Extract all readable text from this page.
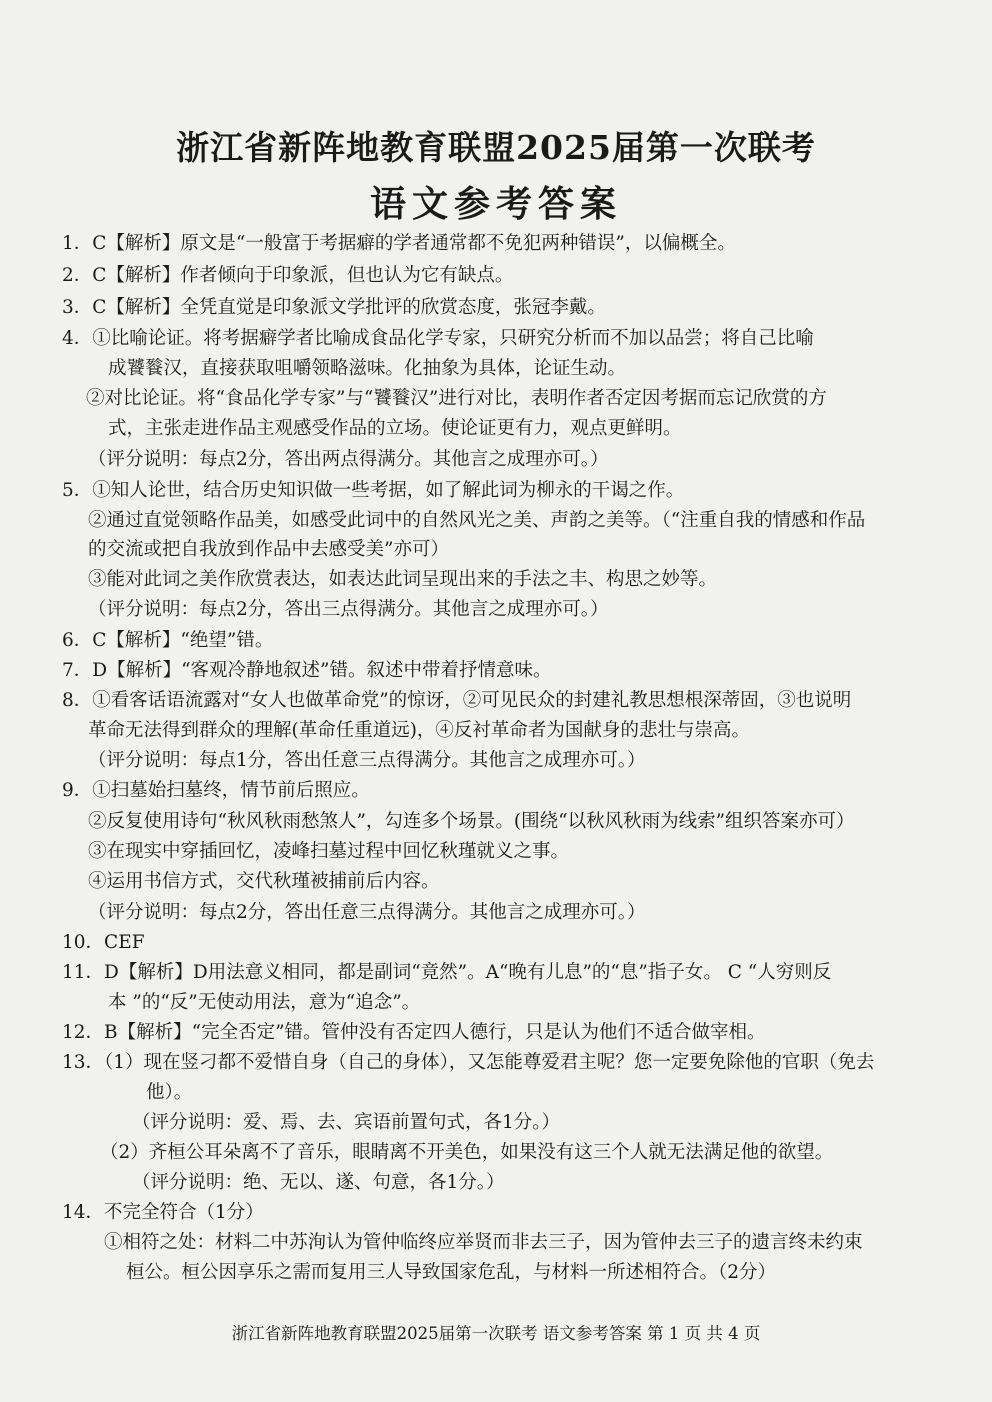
浙江省新阵地教育联盟2025届第一次联考
语文参考答案
1．C【解析】原文是“一般富于考据癖的学者通常都不免犯两种错误”，以偏概全。
2．C【解析】作者倾向于印象派，但也认为它有缺点。
3．C【解析】全凭直觉是印象派文学批评的欣赏态度，张冠李戴。
4．①比喻论证。将考据癖学者比喻成食品化学专家，只研究分析而不加以品尝；将自己比喻
成饕餮汉，直接获取咀嚼领略滋味。化抽象为具体，论证生动。
②对比论证。将“食品化学专家”与“饕餮汉”进行对比，表明作者否定因考据而忘记欣赏的方
式，主张走进作品主观感受作品的立场。使论证更有力，观点更鲜明。
（评分说明：每点2分，答出两点得满分。其他言之成理亦可。）
5．①知人论世，结合历史知识做一些考据，如了解此词为柳永的干谒之作。
②通过直觉领略作品美，如感受此词中的自然风光之美、声韵之美等。（“注重自我的情感和作品
的交流或把自我放到作品中去感受美”亦可）
③能对此词之美作欣赏表达，如表达此词呈现出来的手法之丰、构思之妙等。
（评分说明：每点2分，答出三点得满分。其他言之成理亦可。）
6．C【解析】“绝望”错。
7．D【解析】“客观冷静地叙述”错。叙述中带着抒情意味。
8．①看客话语流露对“女人也做革命党”的惊讶，②可见民众的封建礼教思想根深蒂固，③也说明
革命无法得到群众的理解(革命任重道远)，④反衬革命者为国献身的悲壮与崇高。
（评分说明：每点1分，答出任意三点得满分。其他言之成理亦可。）
9．①扫墓始扫墓终，情节前后照应。
②反复使用诗句“秋风秋雨愁煞人”，勾连多个场景。(围绕“以秋风秋雨为线索”组织答案亦可）
③在现实中穿插回忆，凌峰扫墓过程中回忆秋瑾就义之事。
④运用书信方式，交代秋瑾被捕前后内容。
（评分说明：每点2分，答出任意三点得满分。其他言之成理亦可。）
10．CEF
11．D【解析】D用法意义相同，都是副词“竟然”。A“晚有儿息”的“息”指子女。 C “人穷则反
本 ”的“反”无使动用法，意为“追念”。
12．B【解析】“完全否定”错。管仲没有否定四人德行，只是认为他们不适合做宰相。
13．（1）现在竖刁都不爱惜自身（自己的身体），又怎能尊爱君主呢？您一定要免除他的官职（免去
他）。
（评分说明：爱、焉、去、宾语前置句式，各1分。）
（2）齐桓公耳朵离不了音乐，眼睛离不开美色，如果没有这三个人就无法满足他的欲望。
（评分说明：绝、无以、遂、句意，各1分。）
14．不完全符合（1分）
①相符之处：材料二中苏洵认为管仲临终应举贤而非去三子，因为管仲去三子的遗言终未约束
桓公。桓公因享乐之需而复用三人导致国家危乱，与材料一所述相符合。（2分）
浙江省新阵地教育联盟2025届第一次联考 语文参考答案 第 1 页 共 4 页
